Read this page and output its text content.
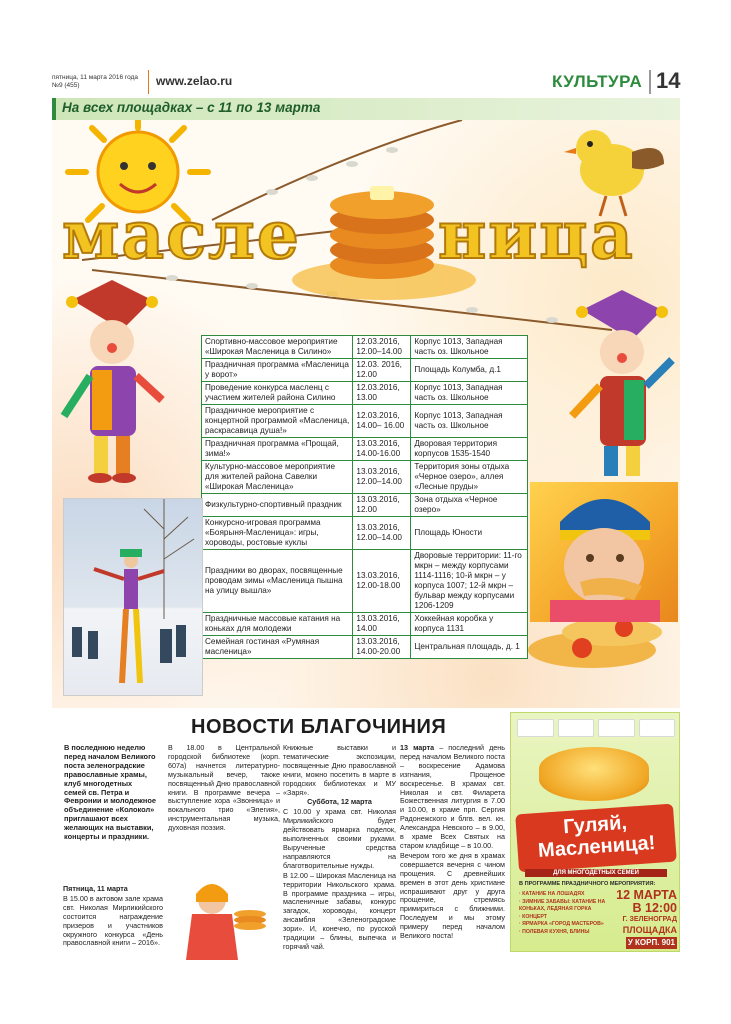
пятница, 11 марта 2016 года
№9 (455)	www.zelao.ru	КУЛЬТУРА 14
На всех площадках – с 11 по 13 марта
масле ница
Спортивно-массовое мероприятие «Широкая Масленица в Силино»	12.03.2016, 12.00–14.00	Корпус 1013, Западная часть оз. Школьное
Праздничная программа «Масленица у ворот»	12.03. 2016, 12.00	Площадь Колумба, д.1
Проведение конкурса масленц с участием жителей района Силино	12.03.2016, 13.00	Корпус 1013, Западная часть оз. Школьное
Праздничное мероприятие с концертной программой «Масленица, раскрасавица душа!»	12.03.2016, 14.00– 16.00	Корпус 1013, Западная часть оз. Школьное
Праздничная программа «Прощай, зима!»	13.03.2016, 14.00-16.00	Дворовая территория корпусов 1535-1540
Культурно-массовое мероприятие для жителей района Савелки «Широкая Масленица»	13.03.2016, 12.00–14.00	Территория зоны отдыха «Черное озеро», аллея «Лесные пруды»
Физкультурно-спортивный праздник	13.03.2016, 12.00	Зона отдыха «Черное озеро»
Конкурсно-игровая программа «Боярыня-Масленица»: игры, хороводы, ростовые куклы	13.03.2016, 12.00–14.00	Площадь Юности
Праздники во дворах, посвященные проводам зимы «Масленица пышна на улицу вышла»	13.03.2016, 12.00-18.00	Дворовые территории: 11-го мкрн – между корпусами 1114-1116; 10-й мкрн – у корпуса 1007; 12-й мкрн – бульвар между корпусами 1206-1209
Праздничные массовые катания на коньках для молодежи	13.03.2016, 14.00	Хоккейная коробка у корпуса 1131
Семейная гостиная «Румяная масленица»	13.03.2016, 14.00-20.00	Центральная площадь, д. 1
НОВОСТИ БЛАГОЧИНИЯ
В последнюю неделю перед началом Великого поста зеленоградские православные храмы, клуб многодетных семей св. Петра и Февронии и молодежное объединение «Колокол» приглашают всех желающих на выставки, концерты и праздники.

Пятница, 11 марта

В 15.00 в актовом зале храма свт. Николая Мирликийского состоится награждение призеров и участников окружного конкурса «День православной книги – 2016».

В 18.00 в Центральной городской библиотеке (корп. 607а) начнется литературно-музыкальный вечер, также посвященный Дню православной книги. В программе вечера – выступление хора «Звонница» и вокального трио «Элегия», инструментальная музыка, духовная поэзия.

Книжные выставки и тематические экспозиции, посвященные Дню православной книги, можно посетить в марте в городских библиотеках и МУ «Заря».

Суббота, 12 марта

С 10.00 у храма свт. Николая Мирликийского будет действовать ярмарка поделок, выполненных своими руками. Вырученные средства направляются на благотворительные нужды.

В 12.00 – Широкая Масленица на территории Никольского храма. В программе праздника – игры, масленичные забавы, конкурс загадок, хороводы, концерт ансамбля «Зеленоградские зори». И, конечно, по русской традиции – блины, выпечка и горячий чай.

13 марта – последний день перед началом Великого поста – воскресение Адамова изгнания, Прощеное воскресенье. В храмах свт. Николая и свт. Филарета Божественная литургия в 7.00 и 10.00, в храме прп. Сергия Радонежского и блгв. вел. кн. Александра Невского – в 9.00, в храме Всех Святых на старом кладбище – в 10.00.

Вечером того же дня в храмах совершается вечерня с чином прощения. С древнейших времен в этот день христиане испрашивают друг у друга прощение, стремясь примириться с ближними. Последуем и мы этому примеру перед началом Великого поста!

Гуляй,
Масленица!
ДЛЯ МНОГОДЕТНЫХ СЕМЕЙ
В ПРОГРАММЕ ПРАЗДНИЧНОГО МЕРОПРИЯТИЯ:
· КАТАНИЕ НА ЛОШАДЯХ
· ЗИМНИЕ ЗАБАВЫ: КАТАНИЕ НА КОНЬКАХ, ЛЕДЯНАЯ ГОРКА
· КОНЦЕРТ
· ЯРМАРКА «ГОРОД МАСТЕРОВ»
· ПОЛЕВАЯ КУХНЯ, БЛИНЫ
12 МАРТА
В 12:00
Г. ЗЕЛЕНОГРАД
ПЛОЩАДКА
У КОРП. 901
